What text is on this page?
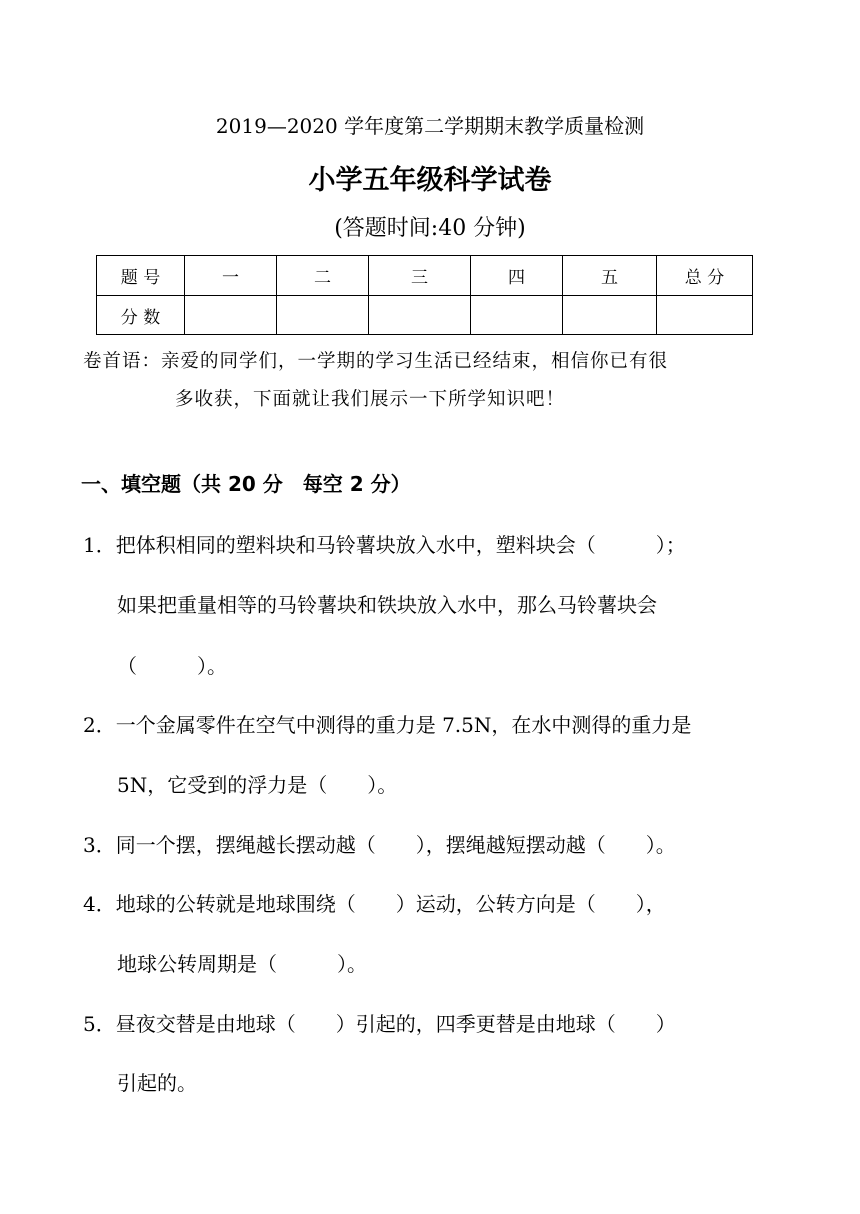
2019—2020 学年度第二学期期末教学质量检测
小学五年级科学试卷
(答题时间:40 分钟)
题 号	一	二	三	四	五	总 分
分 数						
卷首语：亲爱的同学们，一学期的学习生活已经结束，相信你已有很
多收获，下面就让我们展示一下所学知识吧！
一、填空题（共 20 分　每空 2 分）
1．把体积相同的塑料块和马铃薯块放入水中，塑料块会（　　　）；
如果把重量相等的马铃薯块和铁块放入水中，那么马铃薯块会
（　　　）。
2．一个金属零件在空气中测得的重力是 7.5N，在水中测得的重力是
5N，它受到的浮力是（　　）。
3．同一个摆，摆绳越长摆动越（　　），摆绳越短摆动越（　　）。
4．地球的公转就是地球围绕（　　）运动，公转方向是（　　），
地球公转周期是（　　　）。
5．昼夜交替是由地球（　　）引起的，四季更替是由地球（　　）
引起的。
